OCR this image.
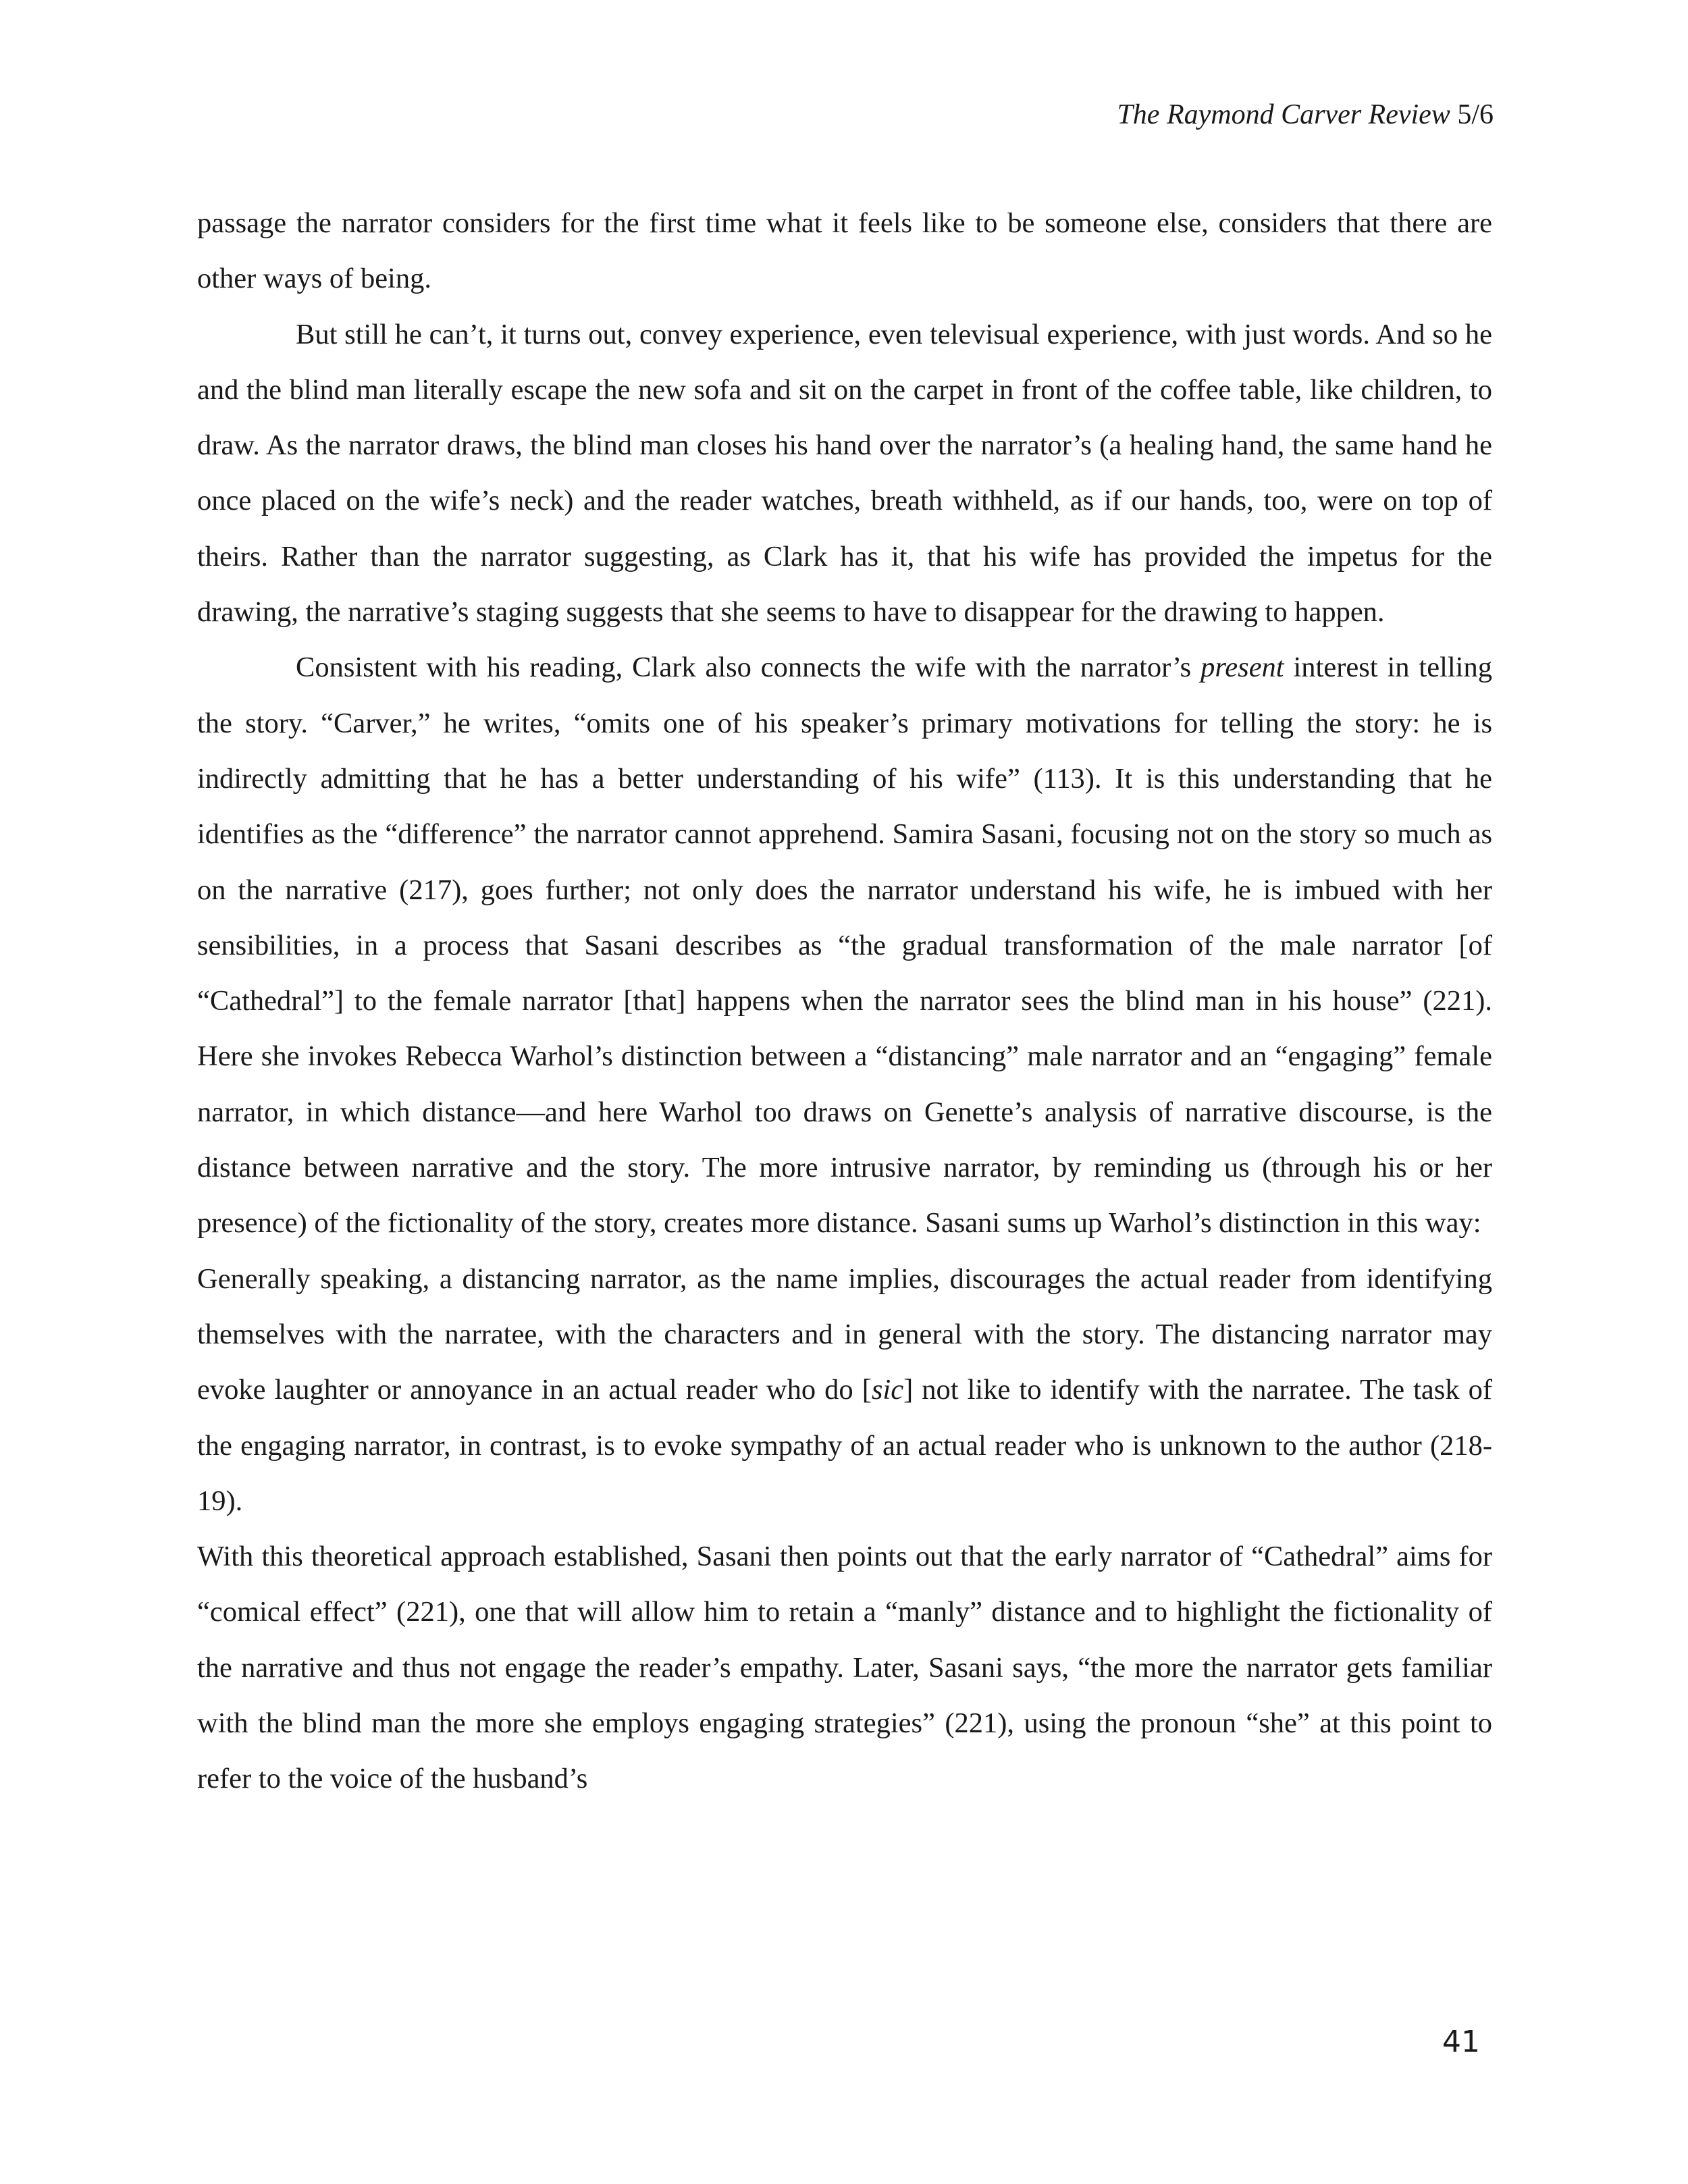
The Raymond Carver Review 5/6

passage the narrator considers for the first time what it feels like to be someone else, considers that there are other ways of being.

But still he can’t, it turns out, convey experience, even televisual experience, with just words. And so he and the blind man literally escape the new sofa and sit on the carpet in front of the coffee table, like children, to draw. As the narrator draws, the blind man closes his hand over the narrator’s (a healing hand, the same hand he once placed on the wife’s neck) and the reader watches, breath withheld, as if our hands, too, were on top of theirs. Rather than the narrator suggesting, as Clark has it, that his wife has provided the impetus for the drawing, the narrative’s staging suggests that she seems to have to disappear for the drawing to happen.

Consistent with his reading, Clark also connects the wife with the narrator’s present interest in telling the story. “Carver,” he writes, “omits one of his speaker’s primary motivations for telling the story: he is indirectly admitting that he has a better understanding of his wife” (113). It is this understanding that he identifies as the “difference” the narrator cannot apprehend. Samira Sasani, focusing not on the story so much as on the narrative (217), goes further; not only does the narrator understand his wife, he is imbued with her sensibilities, in a process that Sasani describes as “the gradual transformation of the male narrator [of “Cathedral”] to the female narrator [that] happens when the narrator sees the blind man in his house” (221). Here she invokes Rebecca Warhol’s distinction between a “distancing” male narrator and an “engaging” female narrator, in which distance—and here Warhol too draws on Genette’s analysis of narrative discourse, is the distance between narrative and the story. The more intrusive narrator, by reminding us (through his or her presence) of the fictionality of the story, creates more distance. Sasani sums up Warhol’s distinction in this way:

Generally speaking, a distancing narrator, as the name implies, discourages the actual reader from identifying themselves with the narratee, with the characters and in general with the story. The distancing narrator may evoke laughter or annoyance in an actual reader who do [sic] not like to identify with the narratee. The task of the engaging narrator, in contrast, is to evoke sympathy of an actual reader who is unknown to the author (218-19).

With this theoretical approach established, Sasani then points out that the early narrator of “Cathedral” aims for “comical effect” (221), one that will allow him to retain a “manly” distance and to highlight the fictionality of the narrative and thus not engage the reader’s empathy. Later, Sasani says, “the more the narrator gets familiar with the blind man the more she employs engaging strategies” (221), using the pronoun “she” at this point to refer to the voice of the husband’s

41
